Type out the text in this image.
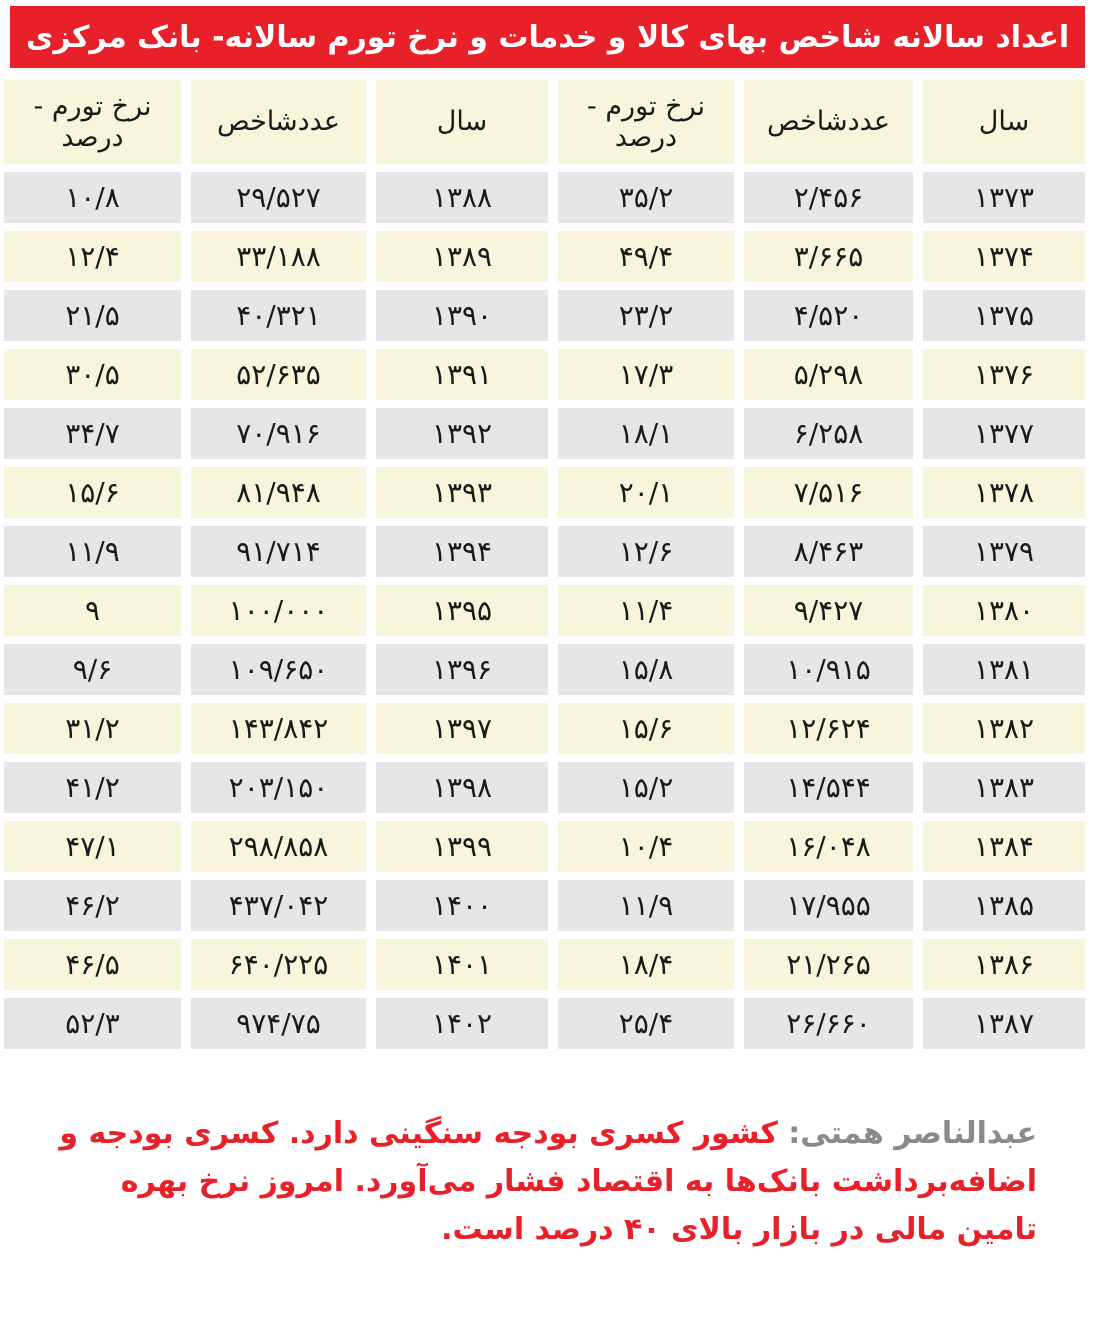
اعداد سالانه شاخص بهای کالا و خدمات و نرخ تورم سالانه- بانک مرکزی
سال
عددشاخص
نرخ تورم - درصد
سال
عددشاخص
نرخ تورم - درصد
۱۳۷۳
۲/۴۵۶
۳۵/۲
۱۳۸۸
۲۹/۵۲۷
۱۰/۸
۱۳۷۴
۳/۶۶۵
۴۹/۴
۱۳۸۹
۳۳/۱۸۸
۱۲/۴
۱۳۷۵
۴/۵۲۰
۲۳/۲
۱۳۹۰
۴۰/۳۲۱
۲۱/۵
۱۳۷۶
۵/۲۹۸
۱۷/۳
۱۳۹۱
۵۲/۶۳۵
۳۰/۵
۱۳۷۷
۶/۲۵۸
۱۸/۱
۱۳۹۲
۷۰/۹۱۶
۳۴/۷
۱۳۷۸
۷/۵۱۶
۲۰/۱
۱۳۹۳
۸۱/۹۴۸
۱۵/۶
۱۳۷۹
۸/۴۶۳
۱۲/۶
۱۳۹۴
۹۱/۷۱۴
۱۱/۹
۱۳۸۰
۹/۴۲۷
۱۱/۴
۱۳۹۵
۱۰۰/۰۰۰
۹
۱۳۸۱
۱۰/۹۱۵
۱۵/۸
۱۳۹۶
۱۰۹/۶۵۰
۹/۶
۱۳۸۲
۱۲/۶۲۴
۱۵/۶
۱۳۹۷
۱۴۳/۸۴۲
۳۱/۲
۱۳۸۳
۱۴/۵۴۴
۱۵/۲
۱۳۹۸
۲۰۳/۱۵۰
۴۱/۲
۱۳۸۴
۱۶/۰۴۸
۱۰/۴
۱۳۹۹
۲۹۸/۸۵۸
۴۷/۱
۱۳۸۵
۱۷/۹۵۵
۱۱/۹
۱۴۰۰
۴۳۷/۰۴۲
۴۶/۲
۱۳۸۶
۲۱/۲۶۵
۱۸/۴
۱۴۰۱
۶۴۰/۲۲۵
۴۶/۵
۱۳۸۷
۲۶/۶۶۰
۲۵/۴
۱۴۰۲
۹۷۴/۷۵
۵۲/۳
عبدالناصر همتی: کشور کسری بودجه سنگینی دارد. کسری بودجه و اضافه‌برداشت بانک‌ها به اقتصاد فشار می‌آورد. امروز نرخ بهره تامین مالی در بازار بالای ۴۰ درصد است.
